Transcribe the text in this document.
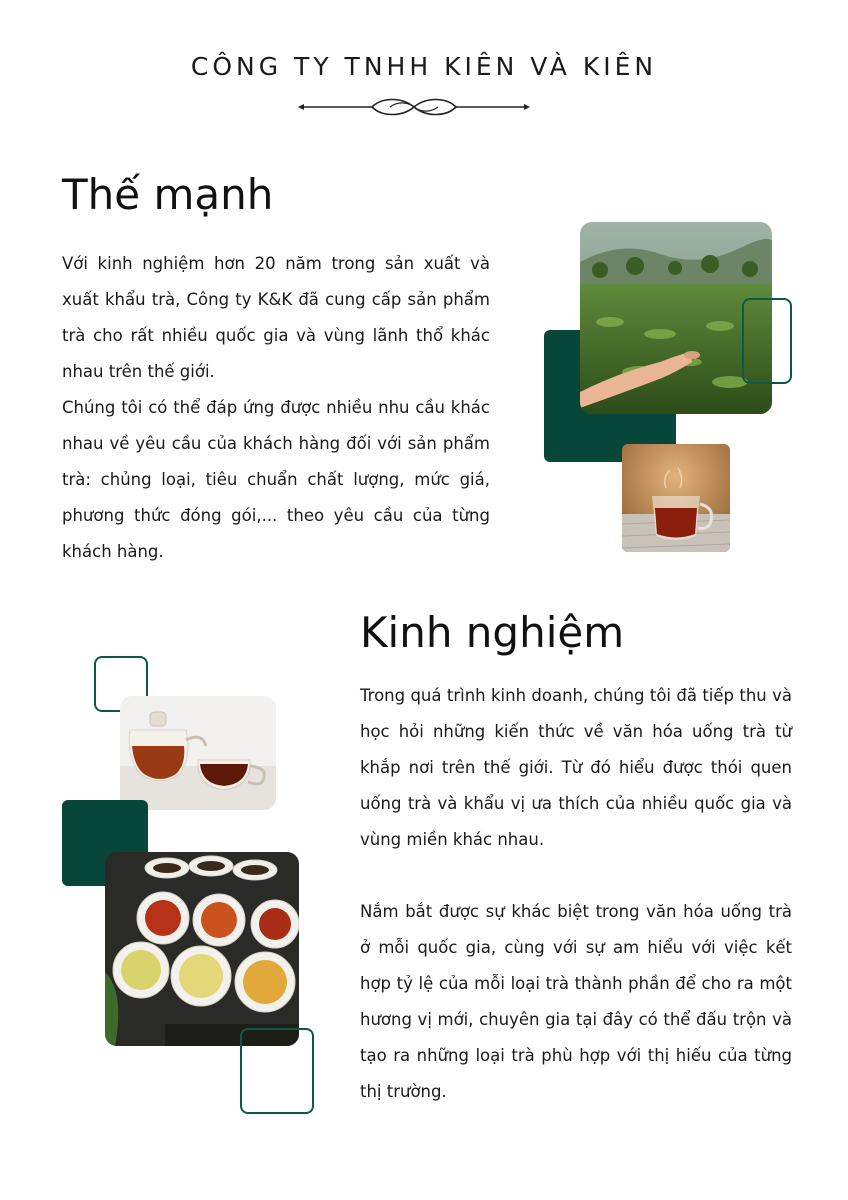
CÔNG TY TNHH KIÊN VÀ KIÊN
Thế mạnh

Với kinh nghiệm hơn 20 năm trong sản xuất và xuất khẩu trà, Công ty K&K đã cung cấp sản phẩm trà cho rất nhiều quốc gia và vùng lãnh thổ khác nhau trên thế giới.

Chúng tôi có thể đáp ứng được nhiều nhu cầu khác nhau về yêu cầu của khách hàng đối với sản phẩm trà: chủng loại, tiêu chuẩn chất lượng, mức giá, phương thức đóng gói,... theo yêu cầu của từng khách hàng.

Kinh nghiệm

Trong quá trình kinh doanh, chúng tôi đã tiếp thu và học hỏi những kiến thức về văn hóa uống trà từ khắp nơi trên thế giới. Từ đó hiểu được thói quen uống trà và khẩu vị ưa thích của nhiều quốc gia và vùng miền khác nhau.

Nắm bắt được sự khác biệt trong văn hóa uống trà ở mỗi quốc gia, cùng với sự am hiểu với việc kết hợp tỷ lệ của mỗi loại trà thành phần để cho ra một hương vị mới, chuyên gia tại đây có thể đấu trộn và tạo ra những loại trà phù hợp với thị hiếu của từng thị trường.
